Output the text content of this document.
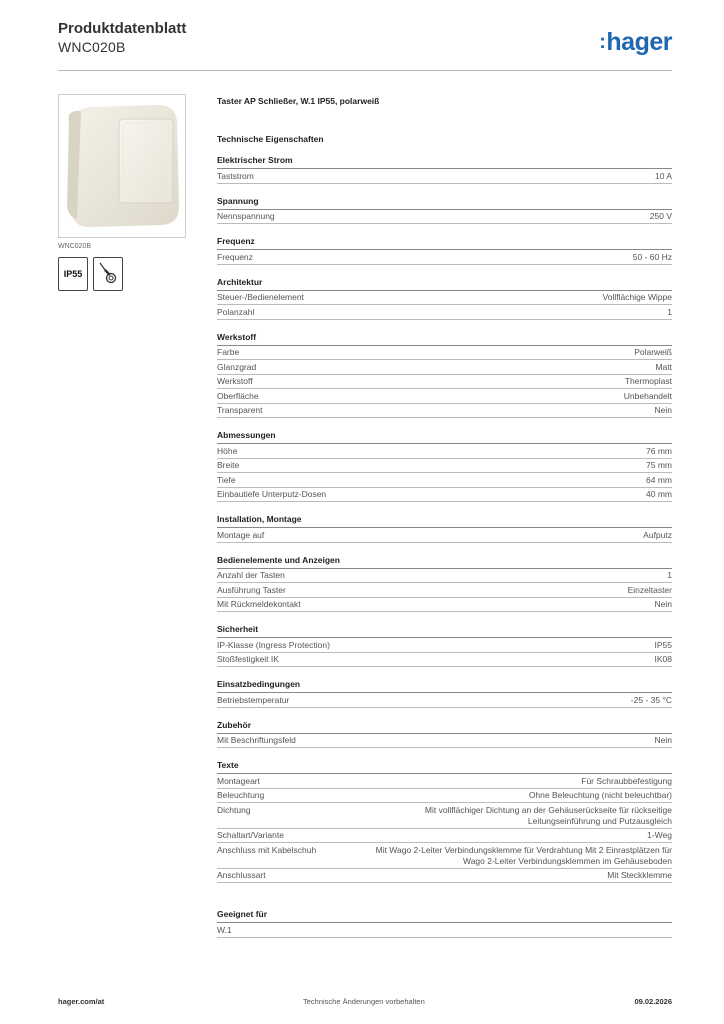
Produktdatenblatt
WNC020B	:hager
WNC020B
IP55
Taster AP Schließer, W.1 IP55, polarweiß
Technische Eigenschaften
Elektrischer Strom
Taststrom	10 A
Spannung
Nennspannung	250 V
Frequenz
Frequenz	50 - 60 Hz
Architektur
Steuer-/Bedienelement	Vollflächige Wippe
Polanzahl	1
Werkstoff
Farbe	Polarweiß
Glanzgrad	Matt
Werkstoff	Thermoplast
Oberfläche	Unbehandelt
Transparent	Nein
Abmessungen
Höhe	76 mm
Breite	75 mm
Tiefe	64 mm
Einbautiefe Unterputz-Dosen	40 mm
Installation, Montage
Montage auf	Aufputz
Bedienelemente und Anzeigen
Anzahl der Tasten	1
Ausführung Taster	Einzeltaster
Mit Rückmeldekontakt	Nein
Sicherheit
IP-Klasse (Ingress Protection)	IP55
Stoßfestigkeit IK	IK08
Einsatzbedingungen
Betriebstemperatur	-25 - 35 °C
Zubehör
Mit Beschriftungsfeld	Nein
Texte
Montageart	Für Schraubbefestigung
Beleuchtung	Ohne Beleuchtung (nicht beleuchtbar)
Dichtung	Mit vollflächiger Dichtung an der Gehäuserückseite für rückseitige Leitungseinführung und Putzausgleich
Schaltart/Variante	1-Weg
Anschluss mit Kabelschuh	Mit Wago 2-Leiter Verbindungsklemme für Verdrahtung Mit 2 Einrastplätzen für Wago 2-Leiter Verbindungsklemmen im Gehäuseboden
Anschlussart	Mit Steckklemme
Geeignet für
W.1
hager.com/at	Technische Änderungen vorbehalten	09.02.2026
